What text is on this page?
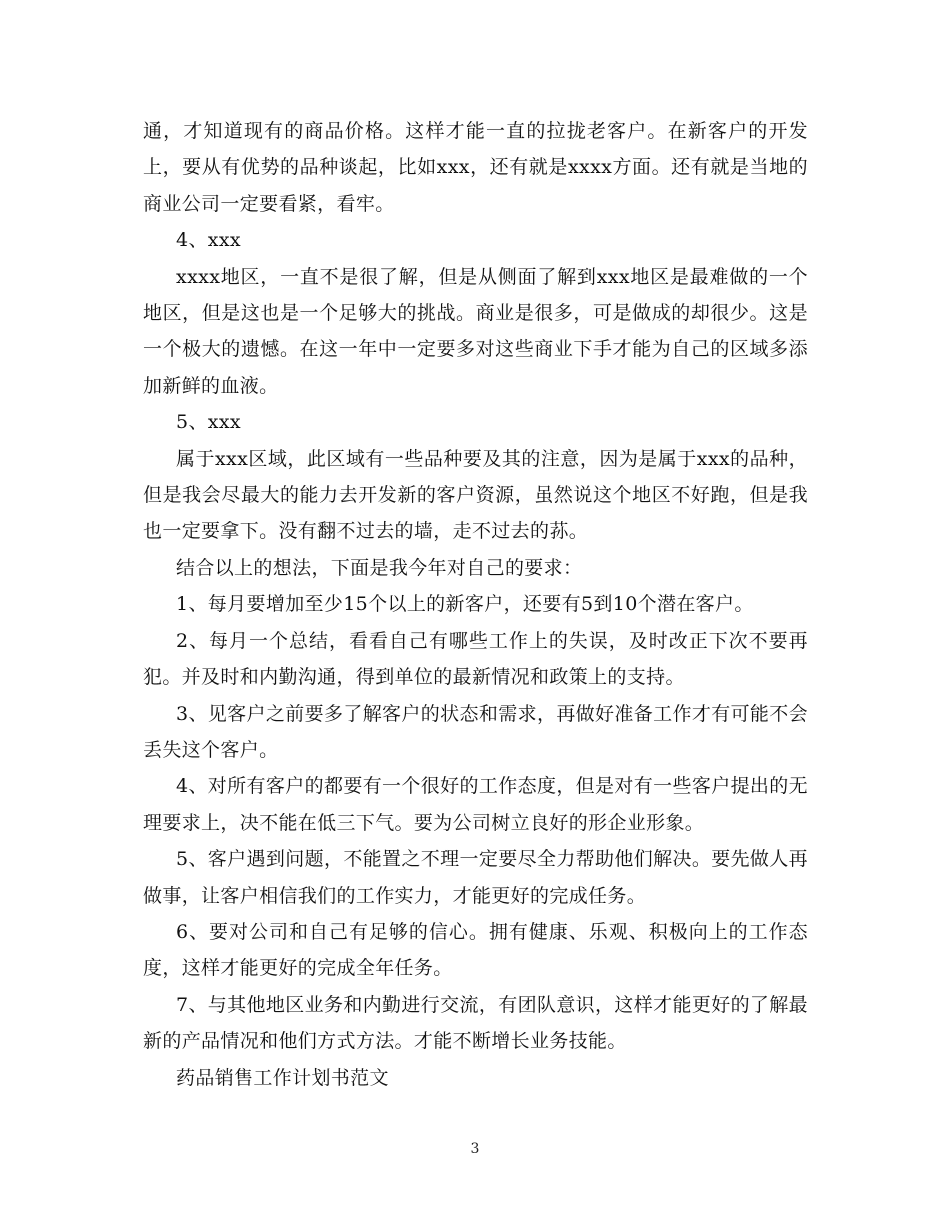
通，才知道现有的商品价格。这样才能一直的拉拢老客户。在新客户的开发上，要从有优势的品种谈起，比如xxx，还有就是xxxx方面。还有就是当地的商业公司一定要看紧，看牢。

4、xxx

xxxx地区，一直不是很了解，但是从侧面了解到xxx地区是最难做的一个地区，但是这也是一个足够大的挑战。商业是很多，可是做成的却很少。这是一个极大的遗憾。在这一年中一定要多对这些商业下手才能为自己的区域多添加新鲜的血液。

5、xxx

属于xxx区域，此区域有一些品种要及其的注意，因为是属于xxx的品种，但是我会尽最大的能力去开发新的客户资源，虽然说这个地区不好跑，但是我也一定要拿下。没有翻不过去的墙，走不过去的荪。

结合以上的想法，下面是我今年对自己的要求：

1、每月要增加至少15个以上的新客户，还要有5到10个潜在客户。

2、每月一个总结，看看自己有哪些工作上的失误，及时改正下次不要再犯。并及时和内勤沟通，得到单位的最新情况和政策上的支持。

3、见客户之前要多了解客户的状态和需求，再做好准备工作才有可能不会丢失这个客户。

4、对所有客户的都要有一个很好的工作态度，但是对有一些客户提出的无理要求上，决不能在低三下气。要为公司树立良好的形企业形象。

5、客户遇到问题，不能置之不理一定要尽全力帮助他们解决。要先做人再做事，让客户相信我们的工作实力，才能更好的完成任务。

6、要对公司和自己有足够的信心。拥有健康、乐观、积极向上的工作态度，这样才能更好的完成全年任务。

7、与其他地区业务和内勤进行交流，有团队意识，这样才能更好的了解最新的产品情况和他们方式方法。才能不断增长业务技能。

药品销售工作计划书范文

3
